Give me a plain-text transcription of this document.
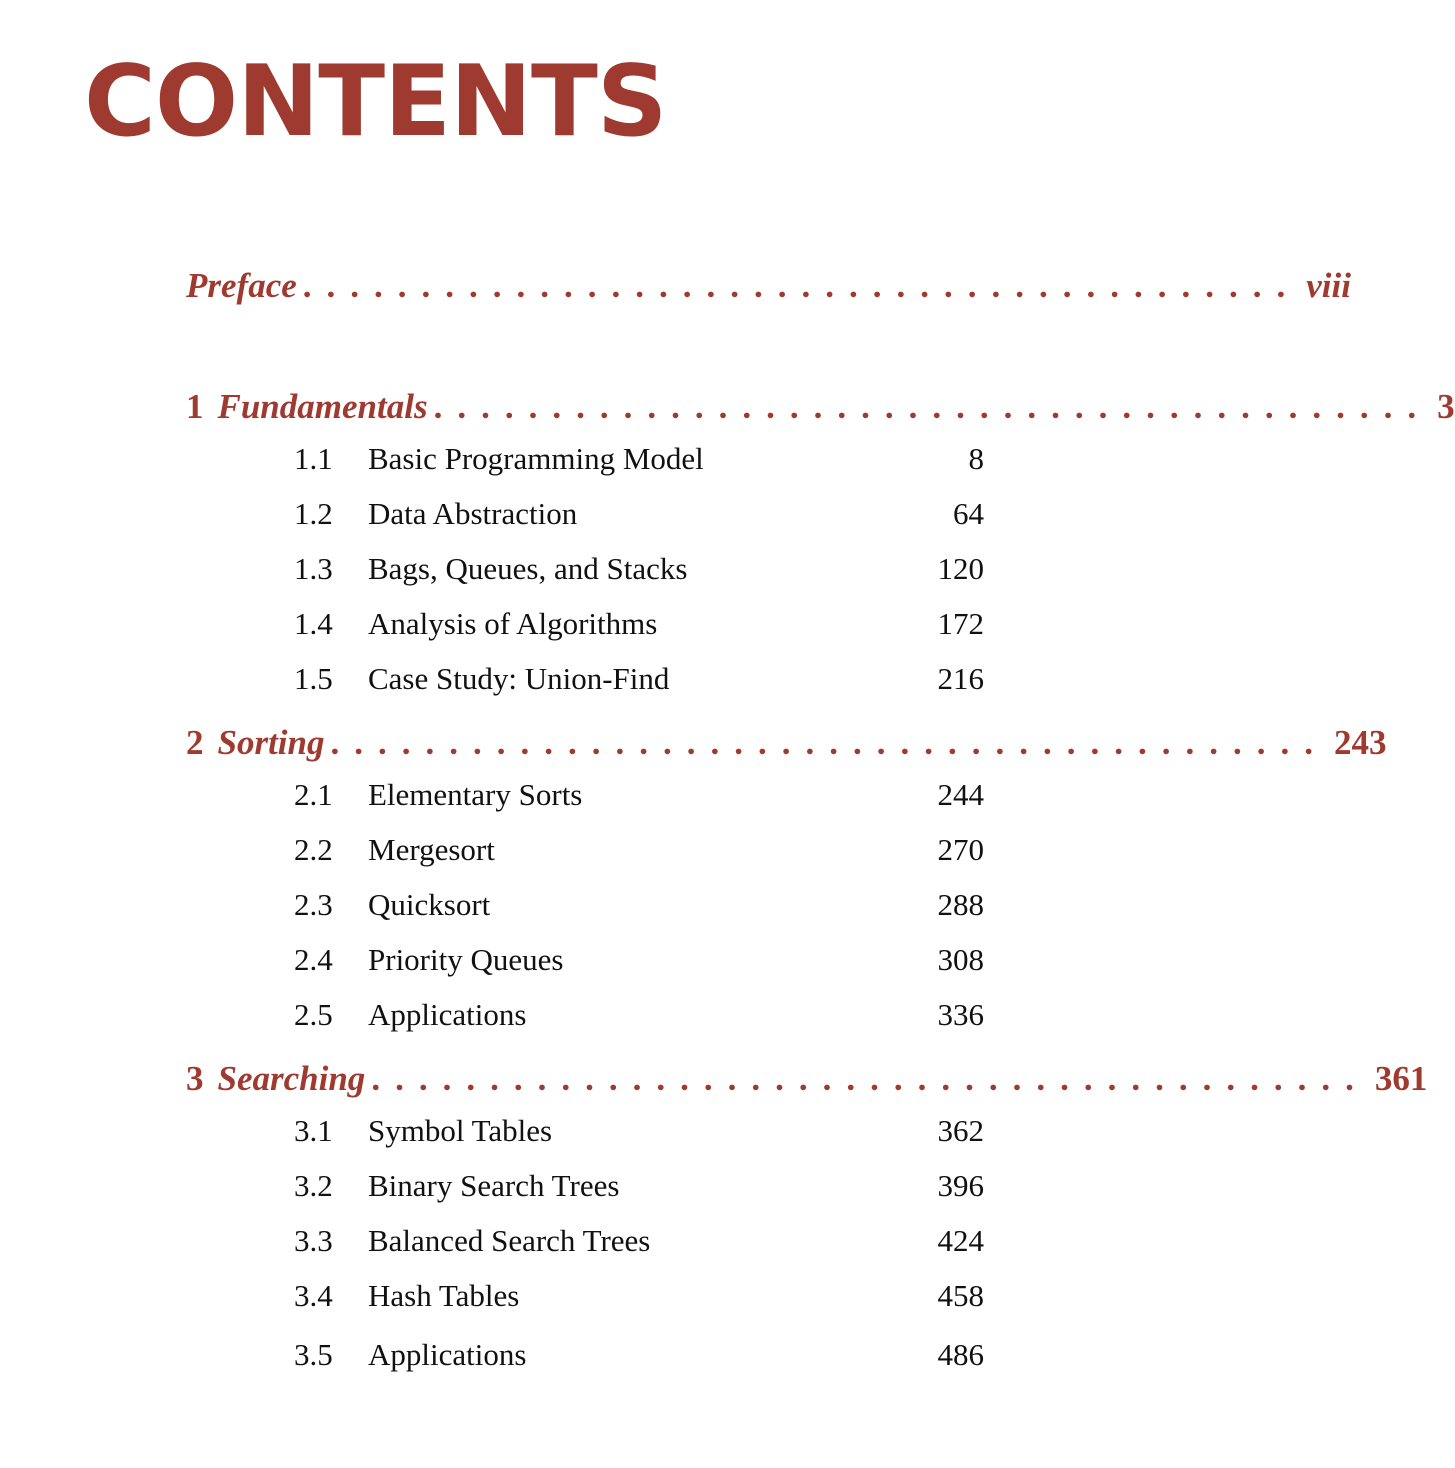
CONTENTS
Preface .......................................... viii
1 Fundamentals .......................................... 3
1.1	Basic Programming Model	8
1.2	Data Abstraction	64
1.3	Bags, Queues, and Stacks	120
1.4	Analysis of Algorithms	172
1.5	Case Study: Union-Find	216
2 Sorting .......................................... 243
2.1	Elementary Sorts	244
2.2	Mergesort	270
2.3	Quicksort	288
2.4	Priority Queues	308
2.5	Applications	336
3 Searching .......................................... 361
3.1	Symbol Tables	362
3.2	Binary Search Trees	396
3.3	Balanced Search Trees	424
3.4	Hash Tables	458
3.5	Applications	486
